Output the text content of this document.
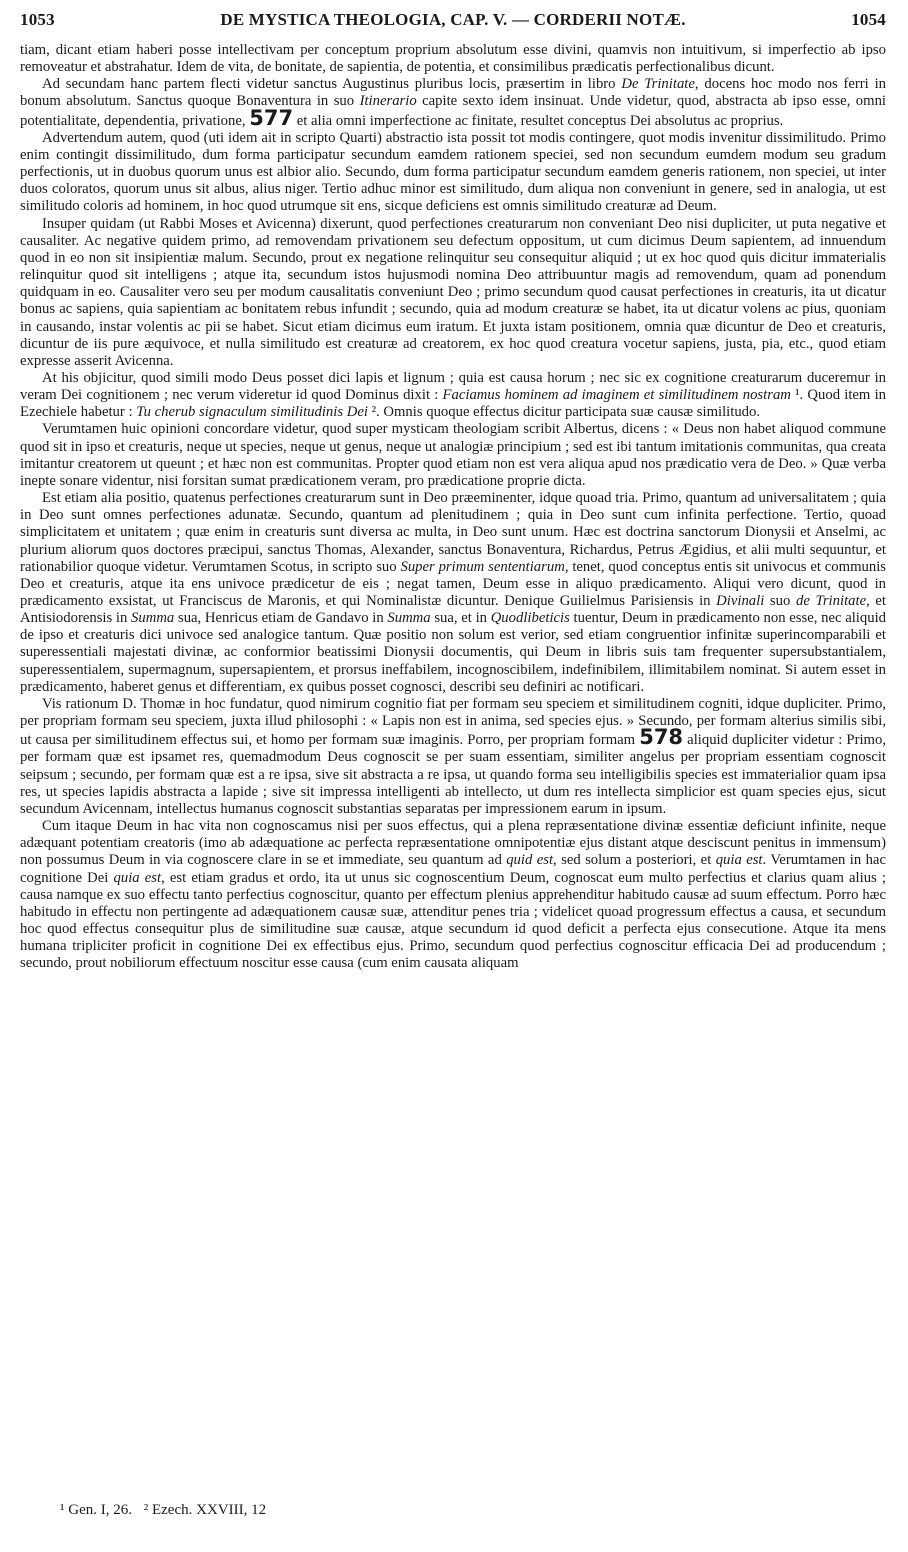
1053	DE MYSTICA THEOLOGIA, CAP. V. — CORDERII NOTÆ.	1054

tiam, dicant etiam haberi posse intellectivam per conceptum proprium absolutum esse divini, quamvis non intuitivum, si imperfectio ab ipso removeatur et abstrahatur. Idem de vita, de bonitate, de sapientia, de potentia, et consimilibus prædicatis perfectionalibus dicunt.

Ad secundam hanc partem flecti videtur sanctus Augustinus pluribus locis, præsertim in libro De Trinitate, docens hoc modo nos ferri in bonum absolutum. Sanctus quoque Bonaventura in suo Itinerario capite sexto idem insinuat. Unde videtur, quod, abstracta ab ipso esse, omni potentialitate, dependentia, privatione, 577 et alia omni imperfectione ac finitate, resultet conceptus Dei absolutus ac proprius.

Advertendum autem, quod (uti idem ait in scripto Quarti) abstractio ista possit tot modis contingere, quot modis invenitur dissimilitudo. Primo enim contingit dissimilitudo, dum forma participatur secundum eamdem rationem speciei, sed non secundum eumdem modum seu gradum perfectionis, ut in duobus quorum unus est albior alio. Secundo, dum forma participatur secundum eamdem generis rationem, non speciei, ut inter duos coloratos, quorum unus sit albus, alius niger. Tertio adhuc minor est similitudo, dum aliqua non conveniunt in genere, sed in analogia, ut est similitudo coloris ad hominem, in hoc quod utrumque sit ens, sicque deficiens est omnis similitudo creaturæ ad Deum.

Insuper quidam (ut Rabbi Moses et Avicenna) dixerunt, quod perfectiones creaturarum non conveniant Deo nisi dupliciter, ut puta negative et causaliter. Ac negative quidem primo, ad removendam privationem seu defectum oppositum, ut cum dicimus Deum sapientem, ad innuendum quod in eo non sit insipientiæ malum. Secundo, prout ex negatione relinquitur seu consequitur aliquid ; ut ex hoc quod quis dicitur immaterialis relinquitur quod sit intelligens ; atque ita, secundum istos hujusmodi nomina Deo attribuuntur magis ad removendum, quam ad ponendum quidquam in eo. Causaliter vero seu per modum causalitatis conveniunt Deo ; primo secundum quod causat perfectiones in creaturis, ita ut dicatur bonus ac sapiens, quia sapientiam ac bonitatem rebus infundit ; secundo, quia ad modum creaturæ se habet, ita ut dicatur volens ac pius, quoniam in causando, instar volentis ac pii se habet. Sicut etiam dicimus eum iratum. Et juxta istam positionem, omnia quæ dicuntur de Deo et creaturis, dicuntur de iis pure æquivoce, et nulla similitudo est creaturæ ad creatorem, ex hoc quod creatura vocetur sapiens, justa, pia, etc., quod etiam expresse asserit Avicenna.

At his objicitur, quod simili modo Deus posset dici lapis et lignum ; quia est causa horum ; nec sic ex cognitione creaturarum duceremur in veram Dei cognitionem ; nec verum videretur id quod Dominus dixit : Faciamus hominem ad imaginem et similitudinem nostram ¹. Quod item in Ezechiele habetur : Tu cherub signaculum similitudinis Dei ². Omnis quoque effectus dicitur participata suæ causæ similitudo.

Verumtamen huic opinioni concordare videtur, quod super mysticam theologiam scribit Albertus, dicens : « Deus non habet aliquod commune quod sit in ipso et creaturis, neque ut species, neque ut genus, neque ut analogiæ principium ; sed est ibi tantum imitationis communitas, qua creata imitantur creatorem ut queunt ; et hæc non est communitas. Propter quod etiam non est vera aliqua apud nos prædicatio vera de Deo. » Quæ verba inepte sonare videntur, nisi forsitan sumat prædicationem veram, pro prædicatione proprie dicta.

Est etiam alia positio, quatenus perfectiones creaturarum sunt in Deo præeminenter, idque quoad tria. Primo, quantum ad universalitatem ; quia in Deo sunt omnes perfectiones adunatæ. Secundo, quantum ad plenitudinem ; quia in Deo sunt cum infinita perfectione. Tertio, quoad simplicitatem et unitatem ; quæ enim in creaturis sunt diversa ac multa, in Deo sunt unum. Hæc est doctrina sanctorum Dionysii et Anselmi, ac plurium aliorum quos doctores præcipui, sanctus Thomas, Alexander, sanctus Bonaventura, Richardus, Petrus Ægidius, et alii multi sequuntur, et rationabilior quoque videtur. Verumtamen Scotus, in scripto suo Super primum sententiarum, tenet, quod conceptus entis sit univocus et communis Deo et creaturis, atque ita ens univoce prædicetur de eis ; negat tamen, Deum esse in aliquo prædicamento. Aliqui vero dicunt, quod in prædicamento exsistat, ut Franciscus de Maronis, et qui Nominalistæ dicuntur. Denique Guilielmus Parisiensis in Divinali suo de Trinitate, et Antisiodorensis in Summa sua, Henricus etiam de Gandavo in Summa sua, et in Quodlibeticis tuentur, Deum in prædicamento non esse, nec aliquid de ipso et creaturis dici univoce sed analogice tantum. Quæ positio non solum est verior, sed etiam congruentior infinitæ superincomparabili et superessentiali majestati divinæ, ac conformior beatissimi Dionysii documentis, qui Deum in libris suis tam frequenter supersubstantialem, superessentialem, supermagnum, supersapientem, et prorsus ineffabilem, incognoscibilem, indefinibilem, illimitabilem nominat. Si autem esset in prædicamento, haberet genus et differentiam, ex quibus posset cognosci, describi seu definiri ac notificari.

Vis rationum D. Thomæ in hoc fundatur, quod nimirum cognitio fiat per formam seu speciem et similitudinem cogniti, idque dupliciter. Primo, per propriam formam seu speciem, juxta illud philosophi : « Lapis non est in anima, sed species ejus. » Secundo, per formam alterius similis sibi, ut causa per similitudinem effectus sui, et homo per formam suæ imaginis. Porro, per propriam formam 578 aliquid dupliciter videtur : Primo, per formam quæ est ipsamet res, quemadmodum Deus cognoscit se per suam essentiam, similiter angelus per propriam essentiam cognoscit seipsum ; secundo, per formam quæ est a re ipsa, sive sit abstracta a re ipsa, ut quando forma seu intelligibilis species est immaterialior quam ipsa res, ut species lapidis abstracta a lapide ; sive sit impressa intelligenti ab intellecto, ut dum res intellecta simplicior est quam species ejus, sicut secundum Avicennam, intellectus humanus cognoscit substantias separatas per impressionem earum in ipsum.

Cum itaque Deum in hac vita non cognoscamus nisi per suos effectus, qui a plena repræsentatione divinæ essentiæ deficiunt infinite, neque adæquant potentiam creatoris (imo ab adæquatione ac perfecta repræsentatione omnipotentiæ ejus distant atque desciscunt penitus in immensum) non possumus Deum in via cognoscere clare in se et immediate, seu quantum ad quid est, sed solum a posteriori, et quia est. Verumtamen in hac cognitione Dei quia est, est etiam gradus et ordo, ita ut unus sic cognoscentium Deum, cognoscat eum multo perfectius et clarius quam alius ; causa namque ex suo effectu tanto perfectius cognoscitur, quanto per effectum plenius apprehenditur habitudo causæ ad suum effectum. Porro hæc habitudo in effectu non pertingente ad adæquationem causæ suæ, attenditur penes tria ; videlicet quoad progressum effectus a causa, et secundum hoc quod effectus consequitur plus de similitudine suæ causæ, atque secundum id quod deficit a perfecta ejus consecutione. Atque ita mens humana tripliciter proficit in cognitione Dei ex effectibus ejus. Primo, secundum quod perfectius cognoscitur efficacia Dei ad producendum ; secundo, prout nobiliorum effectuum noscitur esse causa (cum enim causata aliquam

¹ Gen. I, 26. ² Ezech. XXVIII, 12
